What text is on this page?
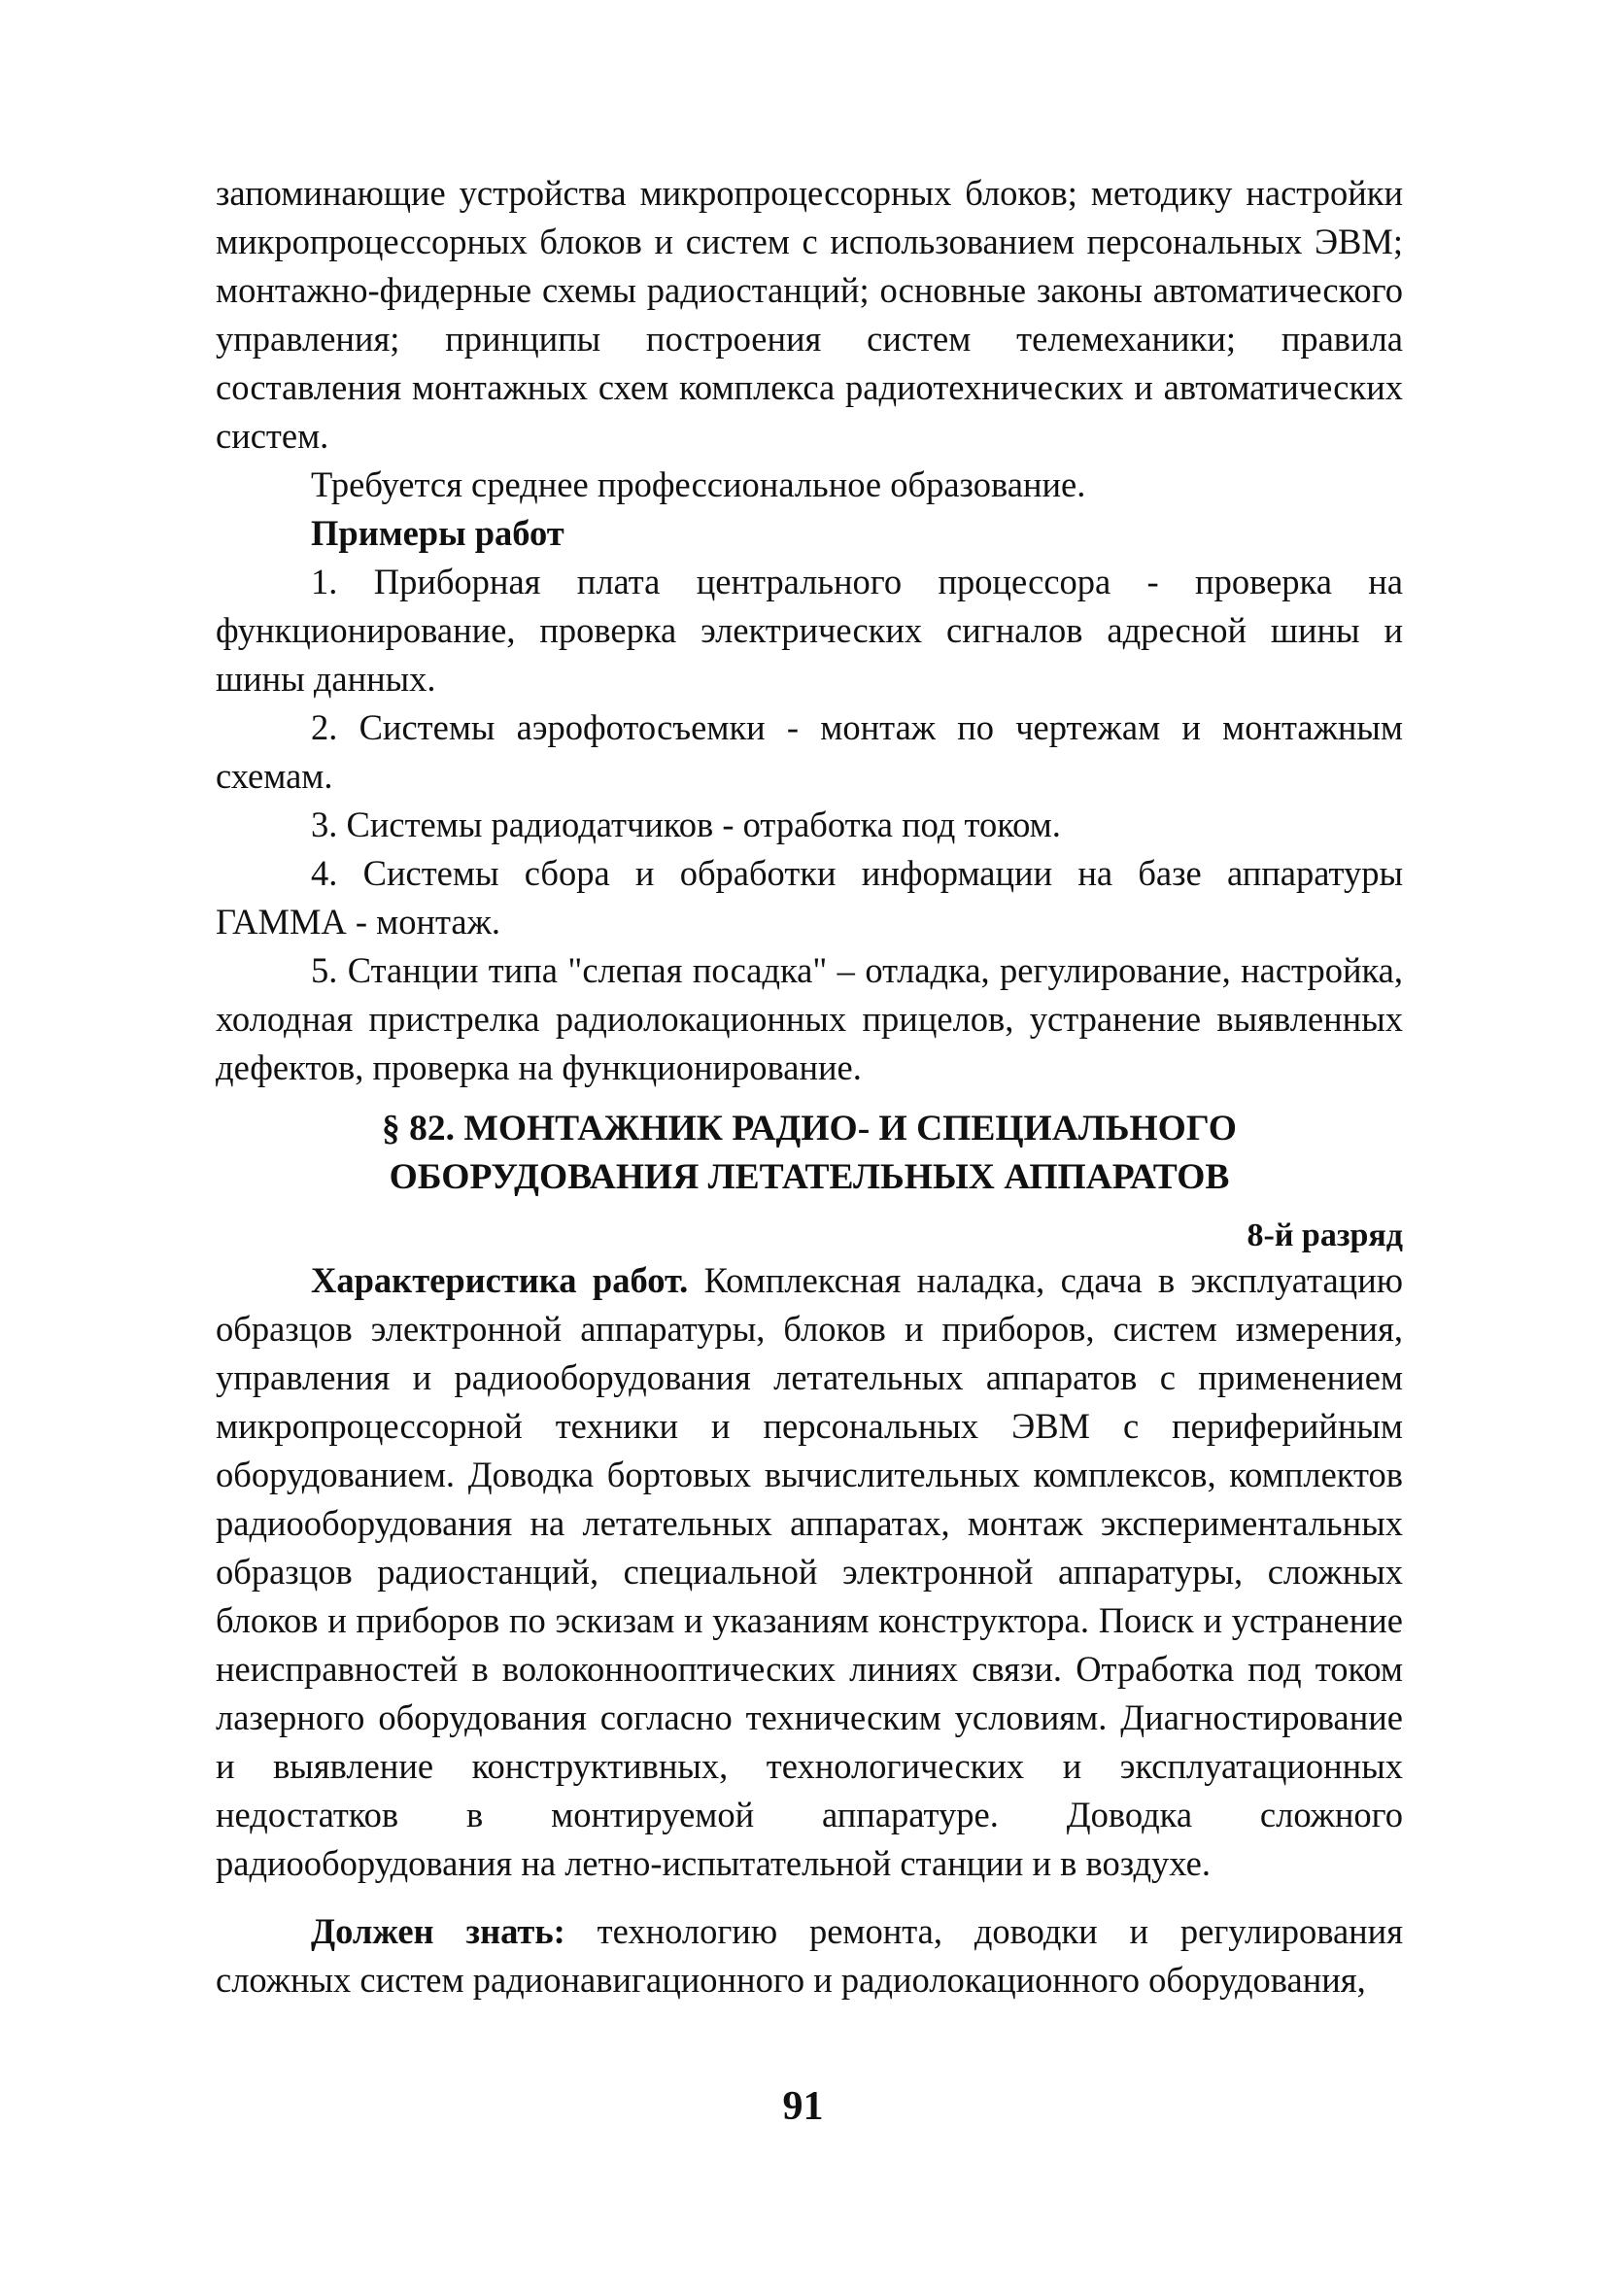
запоминающие устройства микропроцессорных блоков; методику настройки микропроцессорных блоков и систем с использованием персональных ЭВМ; монтажно-фидерные схемы радиостанций; основные законы автоматического управления; принципы построения систем телемеханики; правила составления монтажных схем комплекса радиотехнических и автоматических систем.

Требуется среднее профессиональное образование.

Примеры работ

1. Приборная плата центрального процессора - проверка на функционирование, проверка электрических сигналов адресной шины и шины данных.

2. Системы аэрофотосъемки - монтаж по чертежам и монтажным схемам.

3. Системы радиодатчиков - отработка под током.

4. Системы сбора и обработки информации на базе аппаратуры ГАММА - монтаж.

5. Станции типа "слепая посадка" – отладка, регулирование, настройка, холодная пристрелка радиолокационных прицелов, устранение выявленных дефектов, проверка на функционирование.

§ 82. МОНТАЖНИК РАДИО- И СПЕЦИАЛЬНОГО
ОБОРУДОВАНИЯ ЛЕТАТЕЛЬНЫХ АППАРАТОВ

8-й разряд

Характеристика работ. Комплексная наладка, сдача в эксплуатацию образцов электронной аппаратуры, блоков и приборов, систем измерения, управления и радиооборудования летательных аппаратов с применением микропроцессорной техники и персональных ЭВМ с периферийным оборудованием. Доводка бортовых вычислительных комплексов, комплектов радиооборудования на летательных аппаратах, монтаж экспериментальных образцов радиостанций, специальной электронной аппаратуры, сложных блоков и приборов по эскизам и указаниям конструктора. Поиск и устранение неисправностей в волоконнооптических линиях связи. Отработка под током лазерного оборудования согласно техническим условиям. Диагностирование и выявление конструктивных, технологических и эксплуатационных недостатков в монтируемой аппаратуре. Доводка сложного радиооборудования на летно-испытательной станции и в воздухе.

Должен знать: технологию ремонта, доводки и регулирования сложных систем радионавигационного и радиолокационного оборудования,

91
